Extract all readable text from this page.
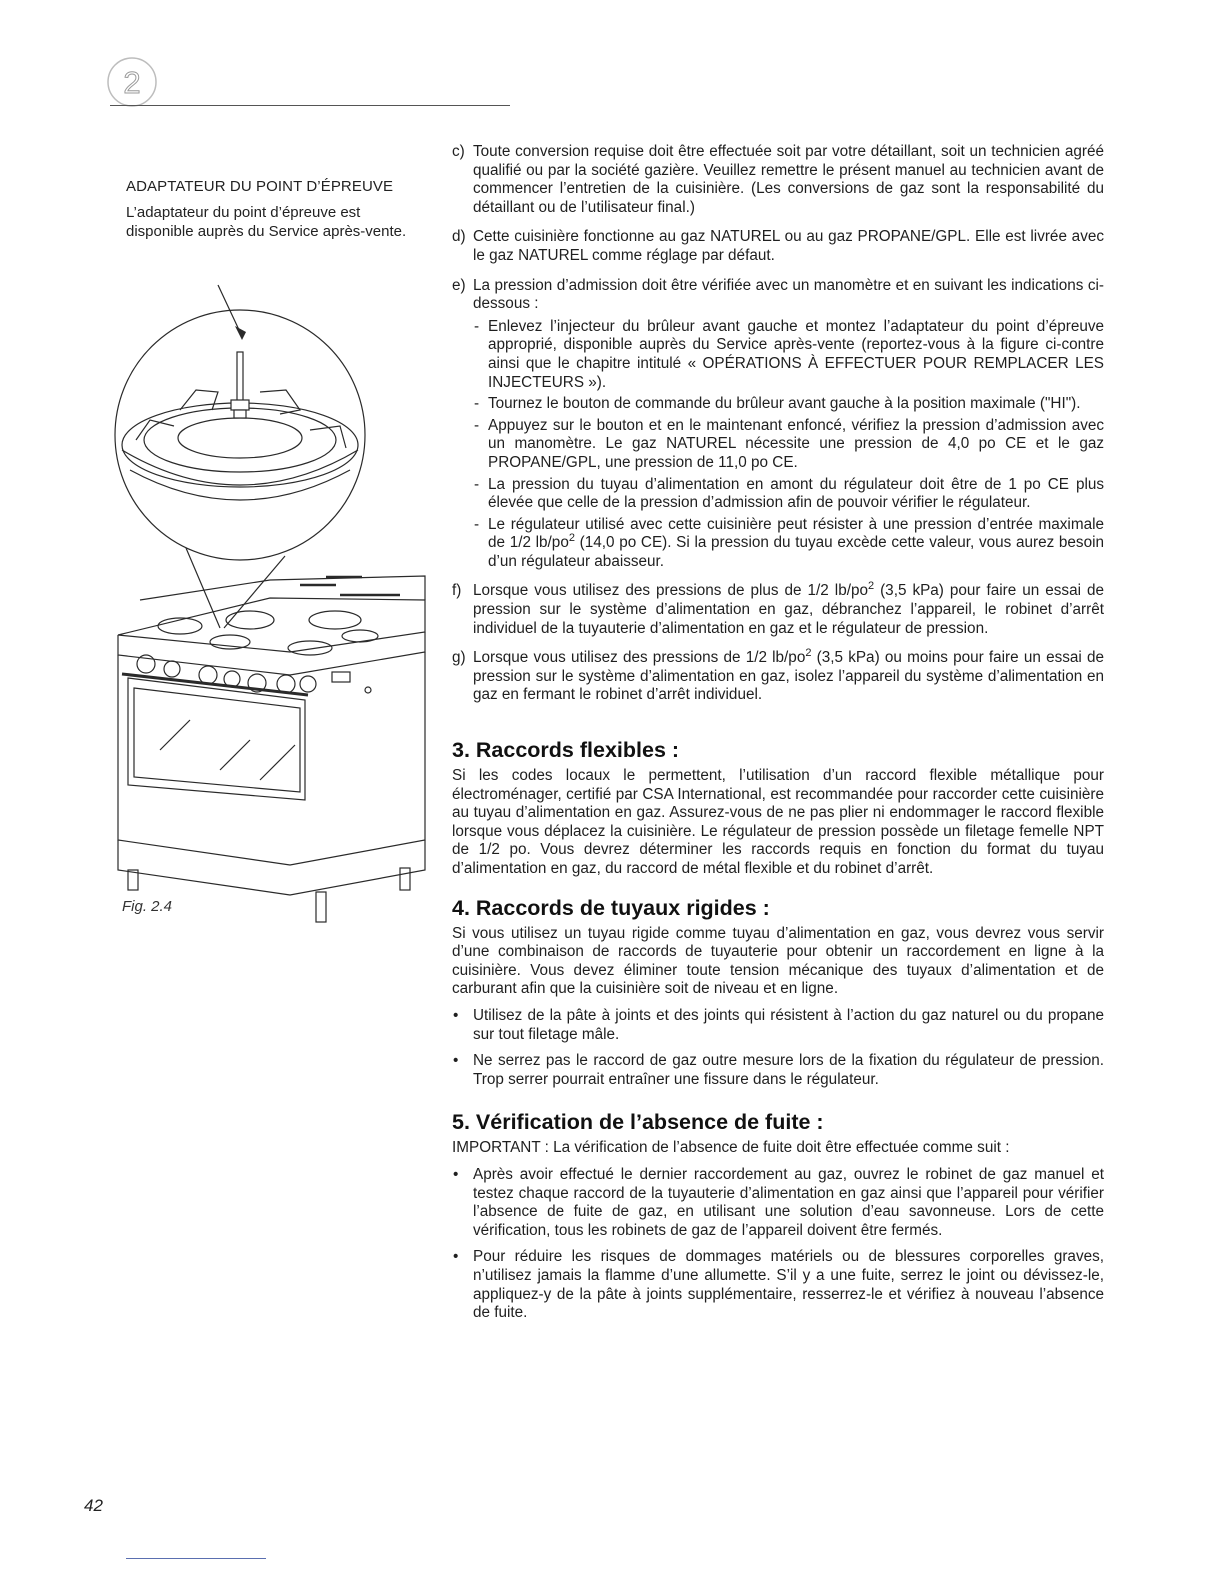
2
ADAPTATEUR DU POINT D’ÉPREUVE
L’adaptateur du point d’épreuve est disponible auprès du Service après-vente.
Fig. 2.4
c) Toute conversion requise doit être effectuée soit par votre détaillant, soit un technicien agréé qualifié ou par la société gazière. Veuillez remettre le présent manuel au technicien avant de commencer l’entretien de la cuisinière. (Les conversions de gaz sont la responsabilité du détaillant ou de l’utilisateur final.)
d) Cette cuisinière fonctionne au gaz NATUREL ou au gaz PROPANE/GPL. Elle est livrée avec le gaz NATUREL comme réglage par défaut.
e) La pression d’admission doit être vérifiée avec un manomètre et en suivant les indications ci-dessous :
- Enlevez l’injecteur du brûleur avant gauche et montez l’adaptateur du point d’épreuve approprié, disponible auprès du Service après-vente (reportez-vous à la figure ci-contre ainsi que le chapitre intitulé « OPÉRATIONS À EFFECTUER POUR REMPLACER LES INJECTEURS »).
- Tournez le bouton de commande du brûleur avant gauche à la position maximale ("HI").
- Appuyez sur le bouton et en le maintenant enfoncé, vérifiez la pression d’admission avec un manomètre. Le gaz NATUREL nécessite une pression de 4,0 po CE et le gaz PROPANE/GPL, une pression de 11,0 po CE.
- La pression du tuyau d’alimentation en amont du régulateur doit être de 1 po CE plus élevée que celle de la pression d’admission afin de pouvoir vérifier le régulateur.
- Le régulateur utilisé avec cette cuisinière peut résister à une pression d’entrée maximale de 1/2 $lb/po^2$ (14,0 po CE). Si la pression du tuyau excède cette valeur, vous aurez besoin d’un régulateur abaisseur.
f) Lorsque vous utilisez des pressions de plus de 1/2 $lb/po^2$ (3,5 kPa) pour faire un essai de pression sur le système d’alimentation en gaz, débranchez l’appareil, le robinet d’arrêt individuel de la tuyauterie d’alimentation en gaz et le régulateur de pression.
g) Lorsque vous utilisez des pressions de 1/2 $lb/po^2$ (3,5 kPa) ou moins pour faire un essai de pression sur le système d’alimentation en gaz, isolez l’appareil du système d’alimentation en gaz en fermant le robinet d’arrêt individuel.
3. Raccords flexibles :

Si les codes locaux le permettent, l’utilisation d’un raccord flexible métallique pour électroménager, certifié par CSA International, est recommandée pour raccorder cette cuisinière au tuyau d’alimentation en gaz. Assurez-vous de ne pas plier ni endommager le raccord flexible lorsque vous déplacez la cuisinière. Le régulateur de pression possède un filetage femelle NPT de 1/2 po. Vous devrez déterminer les raccords requis en fonction du format du tuyau d’alimentation en gaz, du raccord de métal flexible et du robinet d’arrêt.

4. Raccords de tuyaux rigides :

Si vous utilisez un tuyau rigide comme tuyau d’alimentation en gaz, vous devrez vous servir d’une combinaison de raccords de tuyauterie pour obtenir un raccordement en ligne à la cuisinière. Vous devez éliminer toute tension mécanique des tuyaux d’alimentation et de carburant afin que la cuisinière soit de niveau et en ligne.

• Utilisez de la pâte à joints et des joints qui résistent à l’action du gaz naturel ou du propane sur tout filetage mâle.
• Ne serrez pas le raccord de gaz outre mesure lors de la fixation du régulateur de pression. Trop serrer pourrait entraîner une fissure dans le régulateur.
5. Vérification de l’absence de fuite :

IMPORTANT : La vérification de l’absence de fuite doit être effectuée comme suit :

• Après avoir effectué le dernier raccordement au gaz, ouvrez le robinet de gaz manuel et testez chaque raccord de la tuyauterie d’alimentation en gaz ainsi que l’appareil pour vérifier l’absence de fuite de gaz, en utilisant une solution d’eau savonneuse. Lors de cette vérification, tous les robinets de gaz de l’appareil doivent être fermés.
• Pour réduire les risques de dommages matériels ou de blessures corporelles graves, n’utilisez jamais la flamme d’une allumette. S’il y a une fuite, serrez le joint ou dévissez-le, appliquez-y de la pâte à joints supplémentaire, resserrez-le et vérifiez à nouveau l’absence de fuite.
42
